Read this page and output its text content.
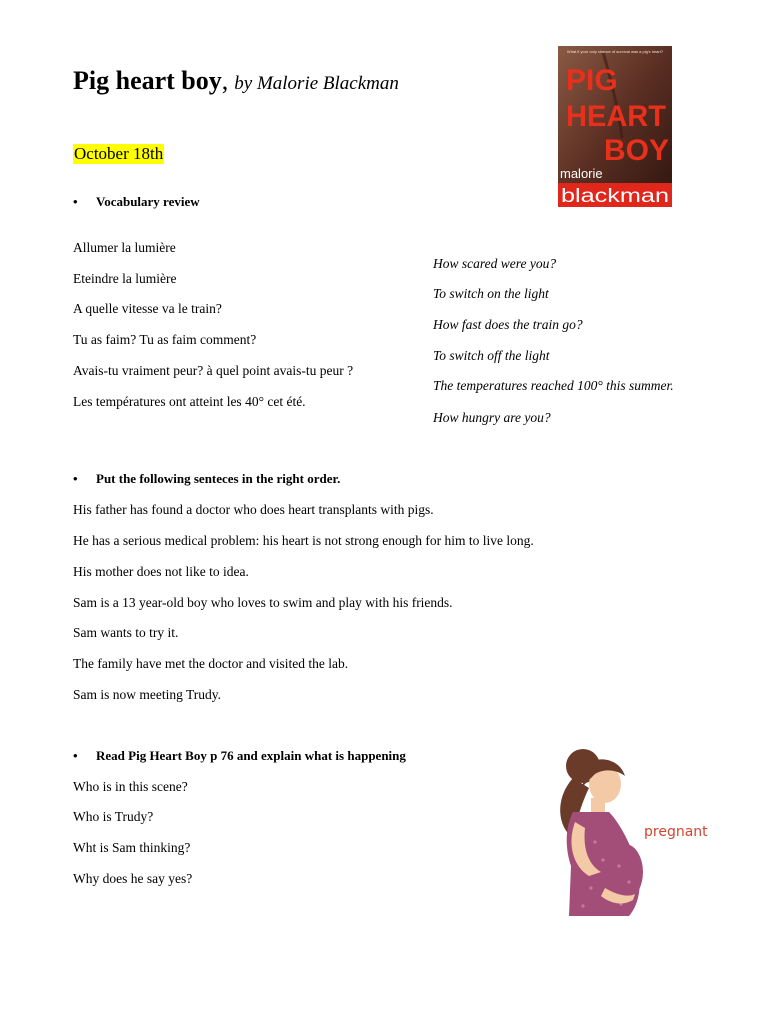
Pig heart boy, by Malorie Blackman
October 18th
What if your only chance of survival was a pig's heart?
PIG
HEART
BOY
malorie
blackman
• Vocabulary review
Allumer la lumière
Eteindre la lumière
A quelle vitesse va le train?
Tu as faim? Tu as faim comment?
Avais-tu vraiment peur? à quel point avais-tu peur ?
Les températures ont atteint les 40° cet été.
How scared were you?
To switch on the light
How fast does the train go?
To switch off the light
The temperatures reached 100° this summer.
How hungry are you?
• Put the following senteces in the right order.
His father has found a doctor who does heart transplants with pigs.
He has a serious medical problem: his heart is not strong enough for him to live long.
His mother does not like to idea.
Sam is a 13 year-old boy who loves to swim and play with his friends.
Sam wants to try it.
The family have met the doctor and visited the lab.
Sam is now meeting Trudy.
• Read Pig Heart Boy p 76 and explain what is happening
Who is in this scene?
Who is Trudy?
Wht is Sam thinking?
Why does he say yes?
pregnant
